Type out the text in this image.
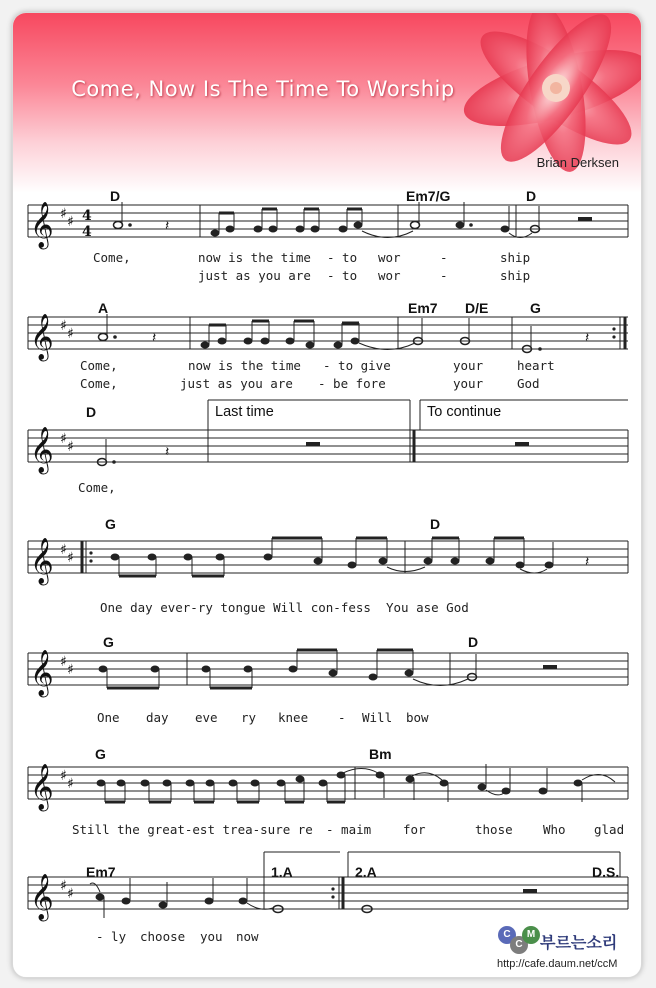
Come, Now Is The Time To Worship
Brian Derksen
D	Em7/G	D
𝄞 ♯ ♯ 4
4	𝄽
Come,	now is the time - to wor	-	ship
just as you are - to wor	-	ship
A	Em7 D/E	G
𝄞 ♯ ♯	𝄽	𝄽
Come,	now is the time - to give	your	heart
Come,	just as you are - be fore	your	God
D	Last time	To continue
𝄞 ♯ ♯	𝄽
Come,
G	D
𝄞 ♯ ♯	𝄽
One day ever-ry tongue Will con-fess  You ase God
G	D
𝄞 ♯ ♯
One day eve ry knee - Will bow
G	Bm
𝄞 ♯ ♯
Still the great-est trea-sure re - maim	for	those Who glad
Em7	1.A	2.A	D.S.
𝄞 ♯ ♯
- ly choose you now	C
C
M 부르는소리
http://cafe.daum.net/ccM
